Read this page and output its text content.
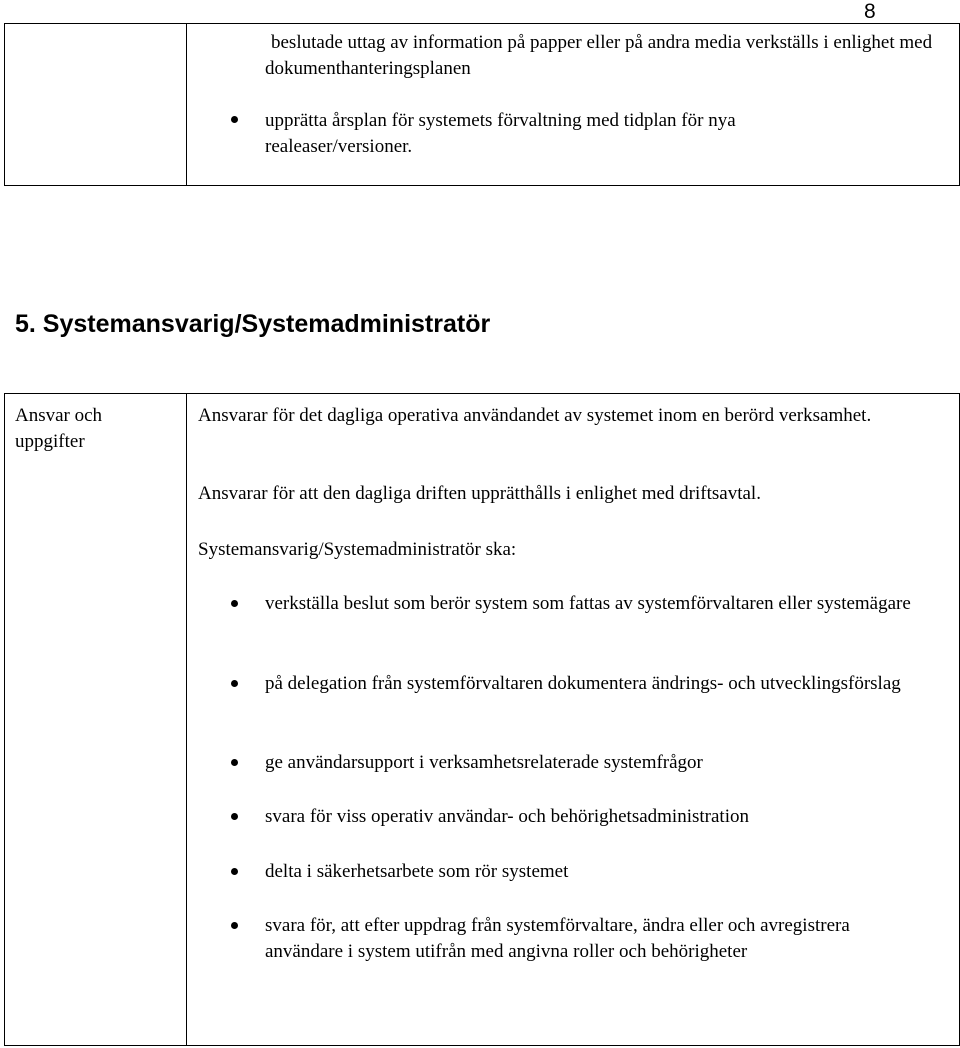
8
beslutade uttag av information på papper eller på andra media verkställs i enlighet med dokumenthanteringsplanen
upprätta årsplan för systemets förvaltning med tidplan för nya realeaser/versioner.
5. Systemansvarig/Systemadministratör
Ansvar och uppgifter
Ansvarar för det dagliga operativa användandet av systemet inom en berörd verksamhet.
Ansvarar för att den dagliga driften upprätthålls i enlighet med driftsavtal.
Systemansvarig/Systemadministratör ska:
verkställa beslut som berör system som fattas av systemförvaltaren eller systemägare
på delegation från systemförvaltaren dokumentera ändrings- och utvecklingsförslag
ge användarsupport i verksamhetsrelaterade systemfrågor
svara för viss operativ användar- och behörighetsadministration
delta i säkerhetsarbete som rör systemet
svara för, att efter uppdrag från systemförvaltare, ändra eller och avregistrera användare i system utifrån med angivna roller och behörigheter
